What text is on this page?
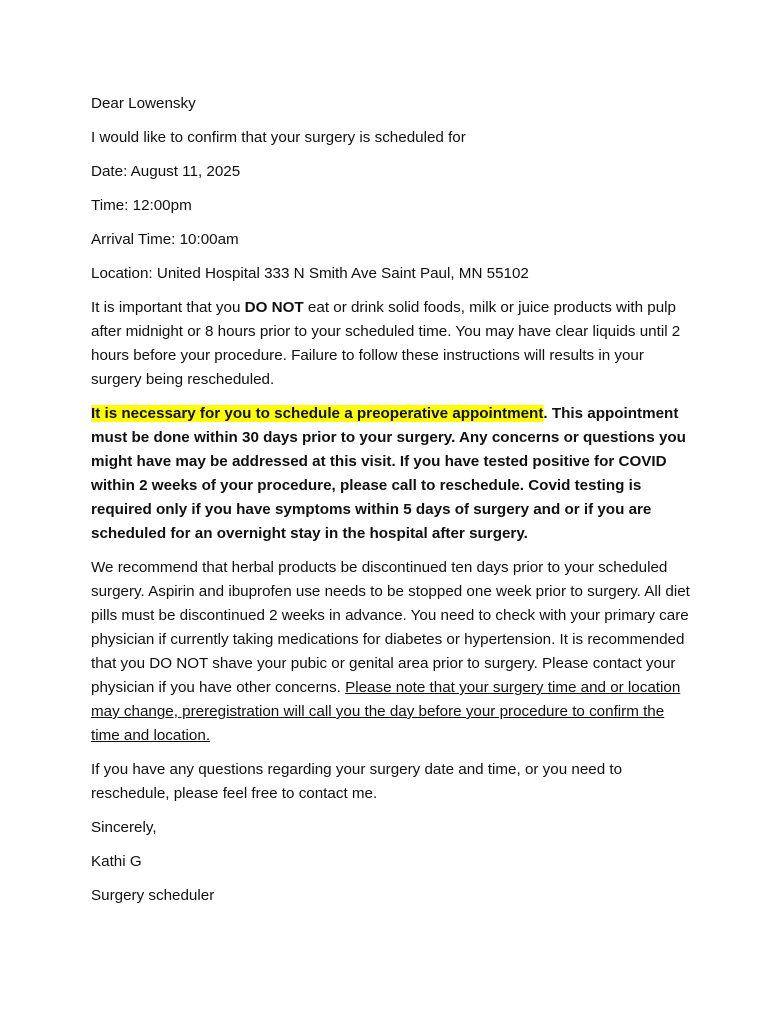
Dear Lowensky

I would like to confirm that your surgery is scheduled for

Date: August 11, 2025

Time: 12:00pm

Arrival Time: 10:00am

Location: United Hospital 333 N Smith Ave Saint Paul, MN 55102

It is important that you DO NOT eat or drink solid foods, milk or juice products with pulp after midnight or 8 hours prior to your scheduled time. You may have clear liquids until 2 hours before your procedure. Failure to follow these instructions will results in your surgery being rescheduled.

It is necessary for you to schedule a preoperative appointment. This appointment must be done within 30 days prior to your surgery. Any concerns or questions you might have may be addressed at this visit. If you have tested positive for COVID within 2 weeks of your procedure, please call to reschedule. Covid testing is required only if you have symptoms within 5 days of surgery and or if you are scheduled for an overnight stay in the hospital after surgery.

We recommend that herbal products be discontinued ten days prior to your scheduled surgery. Aspirin and ibuprofen use needs to be stopped one week prior to surgery. All diet pills must be discontinued 2 weeks in advance. You need to check with your primary care physician if currently taking medications for diabetes or hypertension. It is recommended that you DO NOT shave your pubic or genital area prior to surgery. Please contact your physician if you have other concerns. Please note that your surgery time and or location may change, preregistration will call you the day before your procedure to confirm the time and location.

If you have any questions regarding your surgery date and time, or you need to reschedule, please feel free to contact me.

Sincerely,

Kathi G

Surgery scheduler
